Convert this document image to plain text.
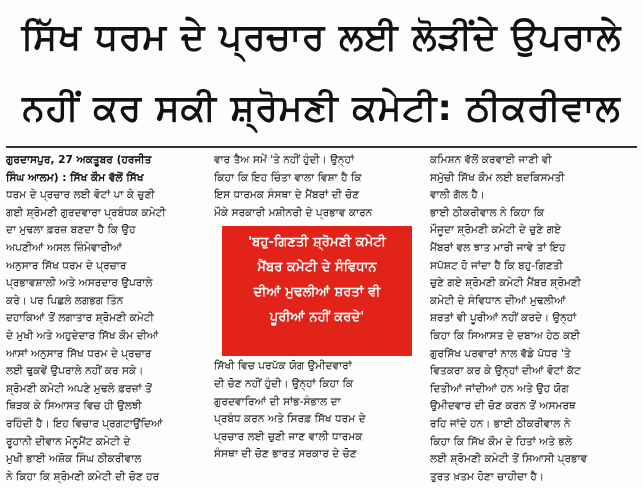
ਸਿੱਖ ਧਰਮ ਦੇ ਪ੍ਰਚਾਰ ਲਈ ਲੋੜੀਂਦੇ ਉਪਰਾਲੇ
ਨਹੀਂ ਕਰ ਸਕੀ ਸ਼੍ਰੋਮਣੀ ਕਮੇਟੀ: ਠੀਕਰੀਵਾਲ
ਗੁਰਦਾਸਪੁਰ, 27 ਅਕਤੂਬਰ (ਹਰਜੀਤ
ਸਿੰਘ ਆਲਮ) : ਸਿੱਖ ਕੌਮ ਵੱਲੋਂ ਸਿੱਖ
ਧਰਮ ਦੇ ਪ੍ਰਚਾਰ ਲਈ ਵੋਟਾਂ ਪਾ ਕੇ ਚੁਣੀ
ਗਈ ਸ਼੍ਰੋਮਣੀ ਗੁਰਦਵਾਰਾ ਪ੍ਰਬੰਧਕ ਕਮੇਟੀ
ਦਾ ਮੁਢਲਾ ਫ਼ਰਜ਼ ਬਣਦਾ ਹੈ ਕਿ ਉਹ
ਅਪਣੀਆਂ ਅਸਲ ਜ਼ਿੰਮੇਵਾਰੀਆਂ
ਅਨੁਸਾਰ ਸਿੱਖ ਧਰਮ ਦੇ ਪ੍ਰਚਾਰ
ਪ੍ਰਭਾਵਸ਼ਾਲੀ ਅਤੇ ਅਸਰਦਾਰ ਉਪਰਾਲੇ
ਕਰੇ। ਪਰ ਪਿਛਲੇ ਲਗਭਗ ਤਿੰਨ
ਦਹਾਕਿਆਂ ਤੋਂ ਲਗਾਤਾਰ ਸ਼੍ਰੋਮਣੀ ਕਮੇਟੀ
ਦੇ ਮੁਖੀ ਅਤੇ ਅਹੁਦੇਦਾਰ ਸਿੱਖ ਕੌਮ ਦੀਆਂ
ਆਸਾਂ ਅਨੁਸਾਰ ਸਿੱਖ ਧਰਮ ਦੇ ਪ੍ਰਚਾਰ
ਲਈ ਢੁਕਵੇਂ ਉਪਰਾਲੇ ਨਹੀਂ ਕਰ ਸਕੇ।
ਸ਼੍ਰੋਮਣੀ ਕਮੇਟੀ ਅਪਣੇ ਮੁਢਲੇ ਫ਼ਰਜ਼ਾਂ ਤੋਂ
ਥਿੜਕ ਕੇ ਸਿਆਸਤ ਵਿਚ ਹੀ ਉਲਝੀ
ਰਹਿੰਦੀ ਹੈ। ਇਹ ਵਿਚਾਰ ਪ੍ਰਗਟਾਉਂਦਿਆਂ
ਰੂਹਾਨੀ ਦੀਵਾਨ ਮੋਨੂਮੈਂਟ ਕਮੇਟੀ ਦੇ
ਮੁਖੀ ਭਾਈ ਅਸ਼ੋਕ ਸਿੰਘ ਠੀਕਰੀਵਾਲ
ਨੇ ਕਿਹਾ ਕਿ ਸ਼੍ਰੋਮਣੀ ਕਮੇਟੀ ਦੀ ਚੋਣ ਹਰ
ਵਾਰ ਤੈਅ ਸਮੇਂ 'ਤੇ ਨਹੀਂ ਹੁੰਦੀ। ਉਨ੍ਹਾਂ
ਕਿਹਾ ਕਿ ਇਹ ਚਿੰਤਾ ਵਾਲਾ ਵਿਸ਼ਾ ਹੈ ਕਿ
ਇਸ ਧਾਰਮਕ ਸੰਸਥਾ ਦੇ ਮੈਂਬਰਾਂ ਦੀ ਚੋਣ
ਮੌਕੇ ਸਰਕਾਰੀ ਮਸ਼ੀਨਰੀ ਦੇ ਪ੍ਰਭਾਵ ਕਾਰਨ
ਸਿੱਖੀ ਵਿਚ ਪਰਪੱਕ ਯੋਗ ਉਮੀਦਵਾਰਾਂ
ਦੀ ਚੋਣ ਨਹੀਂ ਹੁੰਦੀ। ਉਨ੍ਹਾਂ ਕਿਹਾ ਕਿ
ਗੁਰਦਵਾਰਿਆਂ ਦੀ ਸਾਂਭ-ਸੰਭਾਲ ਦਾ
ਪ੍ਰਬੰਧ ਕਰਨ ਅਤੇ ਸਿਰਫ਼ ਸਿੱਖ ਧਰਮ ਦੇ
ਪ੍ਰਚਾਰ ਲਈ ਚੁਣੀ ਜਾਣ ਵਾਲੀ ਧਾਰਮਕ
ਸੰਸਥਾ ਦੀ ਚੋਣ ਭਾਰਤ ਸਰਕਾਰ ਦੇ ਚੋਣ
'ਬਹੁ-ਗਿਣਤੀ ਸ਼੍ਰੋਮਣੀ ਕਮੇਟੀ
ਮੈਂਬਰ ਕਮੇਟੀ ਦੇ ਸੰਵਿਧਾਨ
ਦੀਆਂ ਮੁਢਲੀਆਂ ਸ਼ਰਤਾਂ ਵੀ
ਪੂਰੀਆਂ ਨਹੀਂ ਕਰਦੇ'
ਕਮਿਸ਼ਨ ਵੱਲੋਂ ਕਰਵਾਈ ਜਾਣੀ ਵੀ
ਸਮੁੱਚੀ ਸਿੱਖ ਕੌਮ ਲਈ ਬਦਕਿਸਮਤੀ
ਵਾਲੀ ਗੱਲ ਹੈ।
ਭਾਈ ਠੀਕਰੀਵਾਲ ਨੇ ਕਿਹਾ ਕਿ
ਮੌਜੂਦਾ ਸ਼੍ਰੋਮਣੀ ਕਮੇਟੀ ਦੇ ਚੁਣੇ ਗਏ
ਮੈਂਬਰਾਂ ਵਲ ਝਾਤ ਮਾਰੀ ਜਾਵੇ ਤਾਂ ਇਹ
ਸਪੱਸ਼ਟ ਹੋ ਜਾਂਦਾ ਹੈ ਕਿ ਬਹੁ-ਗਿਣਤੀ
ਚੁਣੇ ਗਏ ਸ਼੍ਰੋਮਣੀ ਕਮੇਟੀ ਮੈਂਬਰ ਸ਼੍ਰੋਮਣੀ
ਕਮੇਟੀ ਦੇ ਸੰਵਿਧਾਨ ਦੀਆਂ ਮੁਢਲੀਆਂ
ਸ਼ਰਤਾਂ ਵੀ ਪੂਰੀਆਂ ਨਹੀਂ ਕਰਦੇ। ਉਨ੍ਹਾਂ
ਕਿਹਾ ਕਿ ਸਿਆਸਤ ਦੇ ਦਬਾਅ ਹੇਠ ਕਈ
ਗੁਰਸਿੱਖ ਪਰਵਾਰਾਂ ਨਾਲ ਵੱਡੇ ਪੱਧਰ 'ਤੇ
ਵਿਤਕਰਾ ਕਰ ਕੇ ਉਨ੍ਹਾਂ ਦੀਆਂ ਵੋਟਾਂ ਕੱਟ
ਦਿਤੀਆਂ ਜਾਂਦੀਆਂ ਹਨ ਅਤੇ ਉਹ ਯੋਗ
ਉਮੀਦਵਾਰ ਦੀ ਚੋਣ ਕਰਨ ਤੋਂ ਅਸਮਰਥ
ਰਹਿ ਜਾਂਦੇ ਹਨ। ਭਾਈ ਠੀਕਰੀਵਾਲ ਨੇ
ਕਿਹਾ ਕਿ ਸਿੱਖ ਕੌਮ ਦੇ ਹਿਤਾਂ ਅਤੇ ਭਲੇ
ਲਈ ਸ਼੍ਰੋਮਣੀ ਕਮੇਟੀ ਤੋਂ ਸਿਆਸੀ ਪ੍ਰਭਾਵ
ਤੁਰਤ ਖ਼ਤਮ ਹੋਣਾ ਚਾਹੀਦਾ ਹੈ।
